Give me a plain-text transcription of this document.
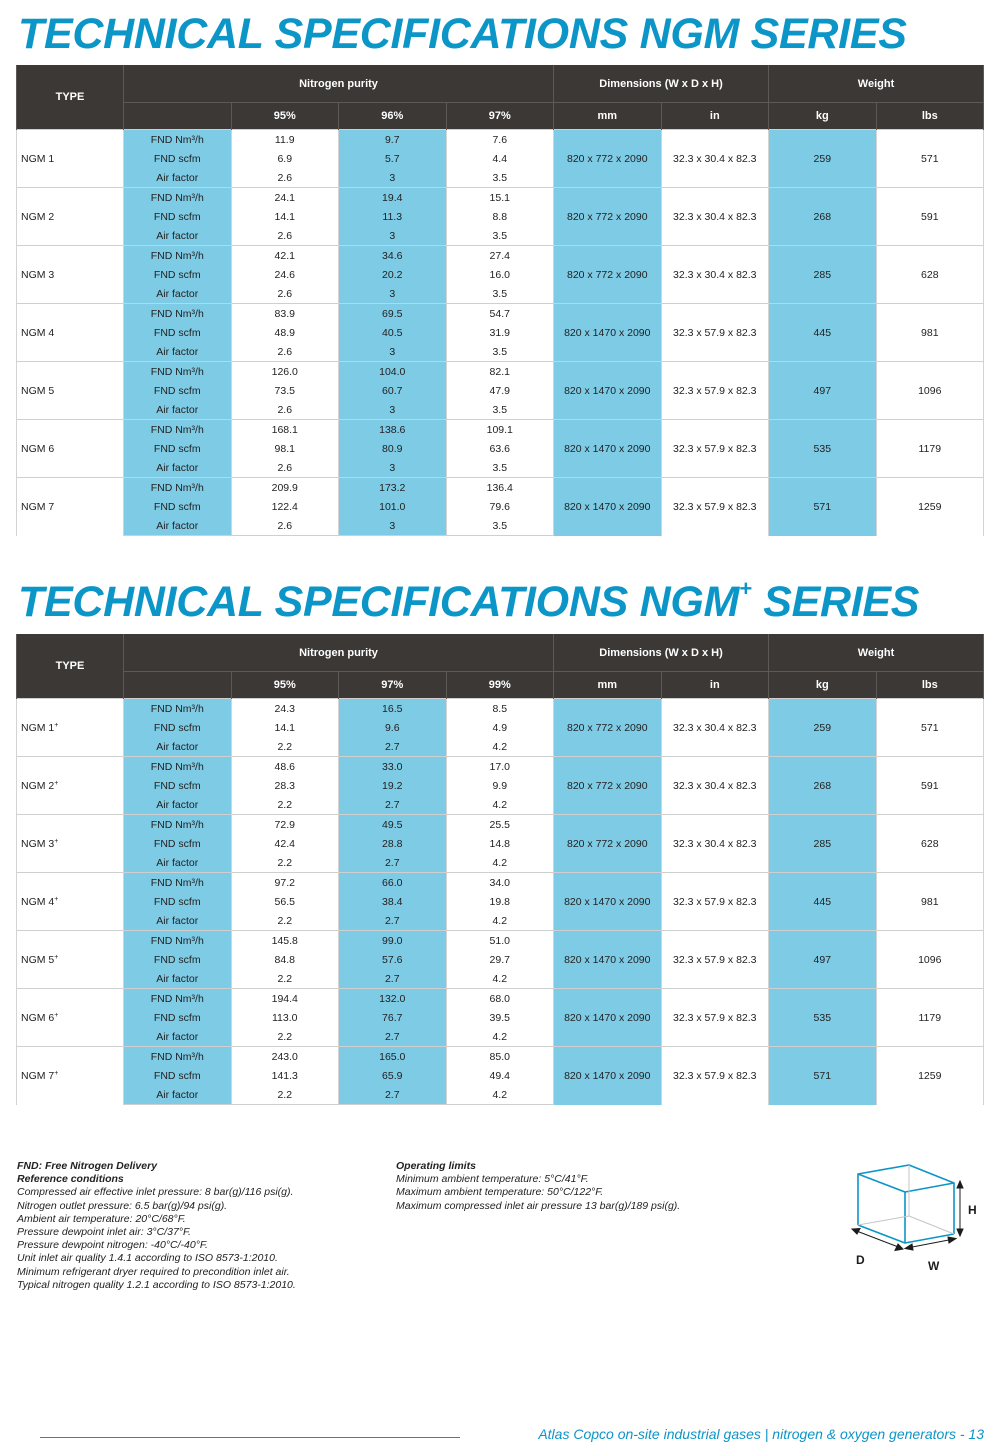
TECHNICAL SPECIFICATIONS NGM SERIES
TYPE	Nitrogen purity				Dimensions (W x D x H)		Weight	
		95%	96%	97%	mm	in	kg	lbs
NGM 1	FND Nm³/h	11.9	9.7	7.6	820 x 772 x 2090	32.3 x 30.4 x 82.3	259	571
	FND scfm	6.9	5.7	4.4				
	Air factor	2.6	3	3.5				
NGM 2	FND Nm³/h	24.1	19.4	15.1	820 x 772 x 2090	32.3 x 30.4 x 82.3	268	591
	FND scfm	14.1	11.3	8.8				
	Air factor	2.6	3	3.5				
NGM 3	FND Nm³/h	42.1	34.6	27.4	820 x 772 x 2090	32.3 x 30.4 x 82.3	285	628
	FND scfm	24.6	20.2	16.0				
	Air factor	2.6	3	3.5				
NGM 4	FND Nm³/h	83.9	69.5	54.7	820 x 1470 x 2090	32.3 x 57.9 x 82.3	445	981
	FND scfm	48.9	40.5	31.9				
	Air factor	2.6	3	3.5				
NGM 5	FND Nm³/h	126.0	104.0	82.1	820 x 1470 x 2090	32.3 x 57.9 x 82.3	497	1096
	FND scfm	73.5	60.7	47.9				
	Air factor	2.6	3	3.5				
NGM 6	FND Nm³/h	168.1	138.6	109.1	820 x 1470 x 2090	32.3 x 57.9 x 82.3	535	1179
	FND scfm	98.1	80.9	63.6				
	Air factor	2.6	3	3.5				
NGM 7	FND Nm³/h	209.9	173.2	136.4	820 x 1470 x 2090	32.3 x 57.9 x 82.3	571	1259
	FND scfm	122.4	101.0	79.6				
	Air factor	2.6	3	3.5				
TECHNICAL SPECIFICATIONS NGM+ SERIES
TYPE	Nitrogen purity				Dimensions (W x D x H)		Weight	
		95%	97%	99%	mm	in	kg	lbs
NGM 1+	FND Nm³/h	24.3	16.5	8.5	820 x 772 x 2090	32.3 x 30.4 x 82.3	259	571
	FND scfm	14.1	9.6	4.9				
	Air factor	2.2	2.7	4.2				
NGM 2+	FND Nm³/h	48.6	33.0	17.0	820 x 772 x 2090	32.3 x 30.4 x 82.3	268	591
	FND scfm	28.3	19.2	9.9				
	Air factor	2.2	2.7	4.2				
NGM 3+	FND Nm³/h	72.9	49.5	25.5	820 x 772 x 2090	32.3 x 30.4 x 82.3	285	628
	FND scfm	42.4	28.8	14.8				
	Air factor	2.2	2.7	4.2				
NGM 4+	FND Nm³/h	97.2	66.0	34.0	820 x 1470 x 2090	32.3 x 57.9 x 82.3	445	981
	FND scfm	56.5	38.4	19.8				
	Air factor	2.2	2.7	4.2				
NGM 5+	FND Nm³/h	145.8	99.0	51.0	820 x 1470 x 2090	32.3 x 57.9 x 82.3	497	1096
	FND scfm	84.8	57.6	29.7				
	Air factor	2.2	2.7	4.2				
NGM 6+	FND Nm³/h	194.4	132.0	68.0	820 x 1470 x 2090	32.3 x 57.9 x 82.3	535	1179
	FND scfm	113.0	76.7	39.5				
	Air factor	2.2	2.7	4.2				
NGM 7+	FND Nm³/h	243.0	165.0	85.0	820 x 1470 x 2090	32.3 x 57.9 x 82.3	571	1259
	FND scfm	141.3	65.9	49.4				
	Air factor	2.2	2.7	4.2				
FND: Free Nitrogen Delivery
Reference conditions
Compressed air effective inlet pressure: 8 bar(g)/116 psi(g).
Nitrogen outlet pressure: 6.5 bar(g)/94 psi(g).
Ambient air temperature: 20°C/68°F.
Pressure dewpoint inlet air: 3°C/37°F.
Pressure dewpoint nitrogen: -40°C/-40°F.
Unit inlet air quality 1.4.1 according to ISO 8573-1:2010.
Minimum refrigerant dryer required to precondition inlet air.
Typical nitrogen quality 1.2.1 according to ISO 8573-1:2010.
Operating limits
Minimum ambient temperature: 5°C/41°F.
Maximum ambient temperature: 50°C/122°F.
Maximum compressed inlet air pressure 13 bar(g)/189 psi(g).	H
D	W
Atlas Copco on-site industrial gases | nitrogen & oxygen generators - 13
